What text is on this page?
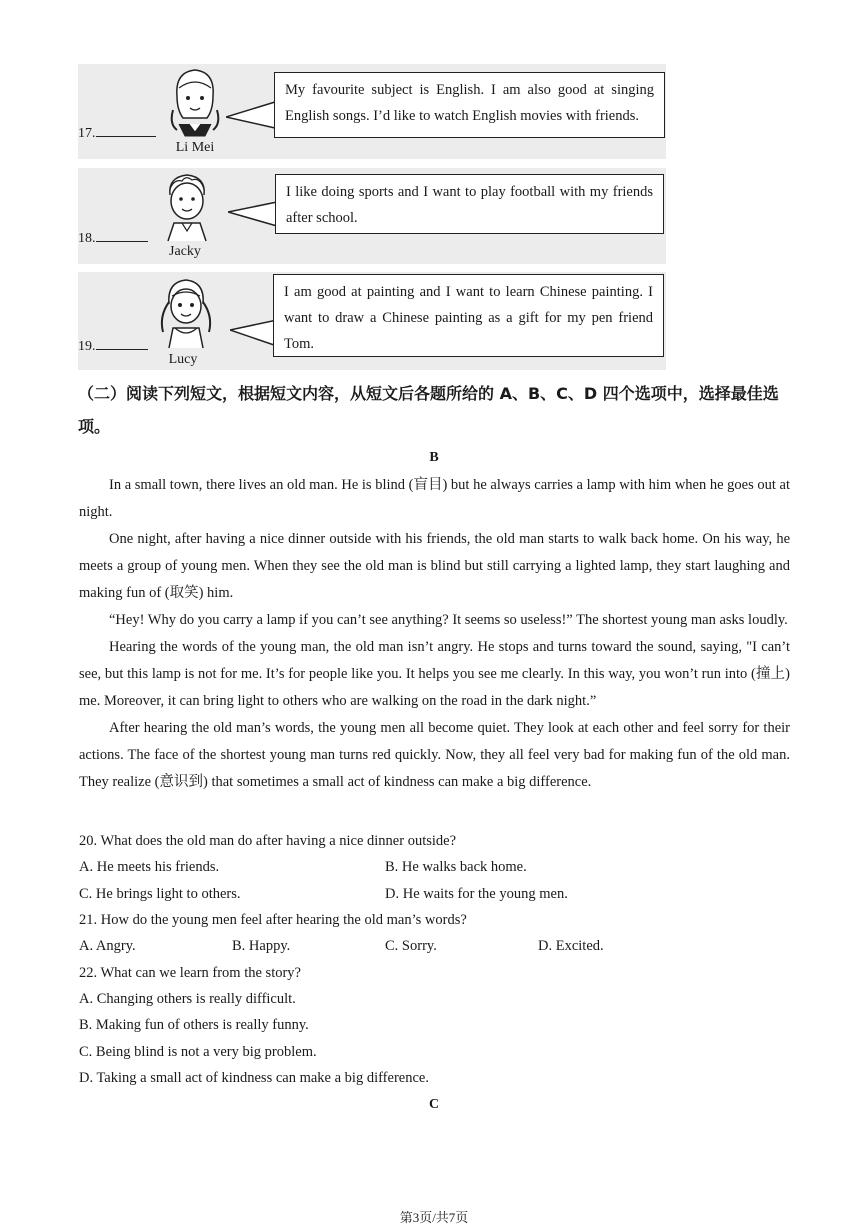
17.
Li Mei
My favourite subject is English. I am also good at singing English songs. I’d like to watch English movies with friends.
18.
Jacky
I like doing sports and I want to play football with my friends after school.
19.
Lucy
I am good at painting and I want to learn Chinese painting. I want to draw a Chinese painting as a gift for my pen friend Tom.
（二）阅读下列短文，根据短文内容，从短文后各题所给的 A、B、C、D 四个选项中，选择最佳选项。
B

In a small town, there lives an old man. He is blind (盲目) but he always carries a lamp with him when he goes out at night.

One night, after having a nice dinner outside with his friends, the old man starts to walk back home. On his way, he meets a group of young men. When they see the old man is blind but still carrying a lighted lamp, they start laughing and making fun of (取笑) him.

“Hey! Why do you carry a lamp if you can’t see anything? It seems so useless!” The shortest young man asks loudly.

Hearing the words of the young man, the old man isn’t angry. He stops and turns toward the sound, saying, "I can’t see, but this lamp is not for me. It’s for people like you. It helps you see me clearly. In this way, you won’t run into (撞上) me. Moreover, it can bring light to others who are walking on the road in the dark night.”

After hearing the old man’s words, the young men all become quiet. They look at each other and feel sorry for their actions. The face of the shortest young man turns red quickly. Now, they all feel very bad for making fun of the old man. They realize (意识到) that sometimes a small act of kindness can make a big difference.

20. What does the old man do after having a nice dinner outside?
A. He meets his friends.	B. He walks back home.
C. He brings light to others.	D. He waits for the young men.
21. How do the young men feel after hearing the old man’s words?
A. Angry.	B. Happy.	C. Sorry.	D. Excited.
22. What can we learn from the story?
A. Changing others is really difficult.
B. Making fun of others is really funny.
C. Being blind is not a very big problem.
D. Taking a small act of kindness can make a big difference.
C
第3页/共7页
